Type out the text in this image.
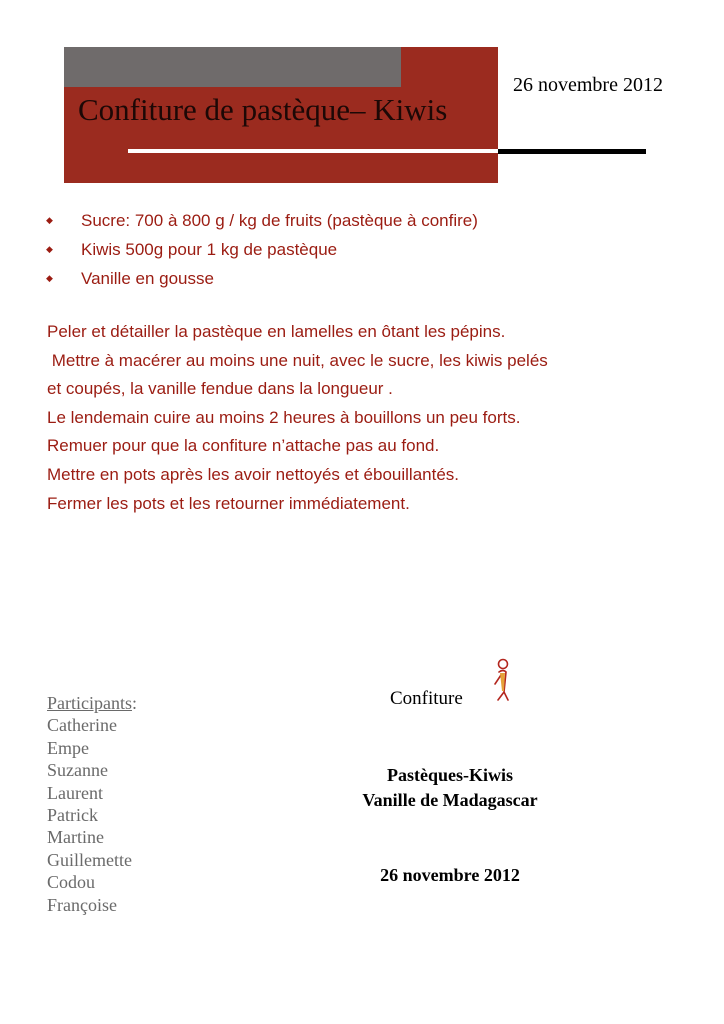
Confiture de pastèque– Kiwis
26 novembre 2012
◆	Sucre: 700 à 800 g / kg de fruits (pastèque à confire)
◆	Kiwis 500g pour 1 kg de pastèque
◆	Vanille en gousse

Peler et détailler la pastèque en lamelles en ôtant les pépins.

Mettre à macérer au moins une nuit, avec le sucre, les kiwis pelés

et coupés, la vanille fendue dans la longueur .

Le lendemain cuire au moins 2 heures à bouillons un peu forts.

Remuer pour que la confiture n’attache pas au fond.

Mettre en pots après les avoir nettoyés et ébouillantés.

Fermer les pots et les retourner immédiatement.

Participants:
Catherine
Empe
Suzanne
Laurent
Patrick
Martine
Guillemette
Codou
Françoise
Confiture
Pastèques-Kiwis
Vanille de Madagascar
26 novembre 2012
